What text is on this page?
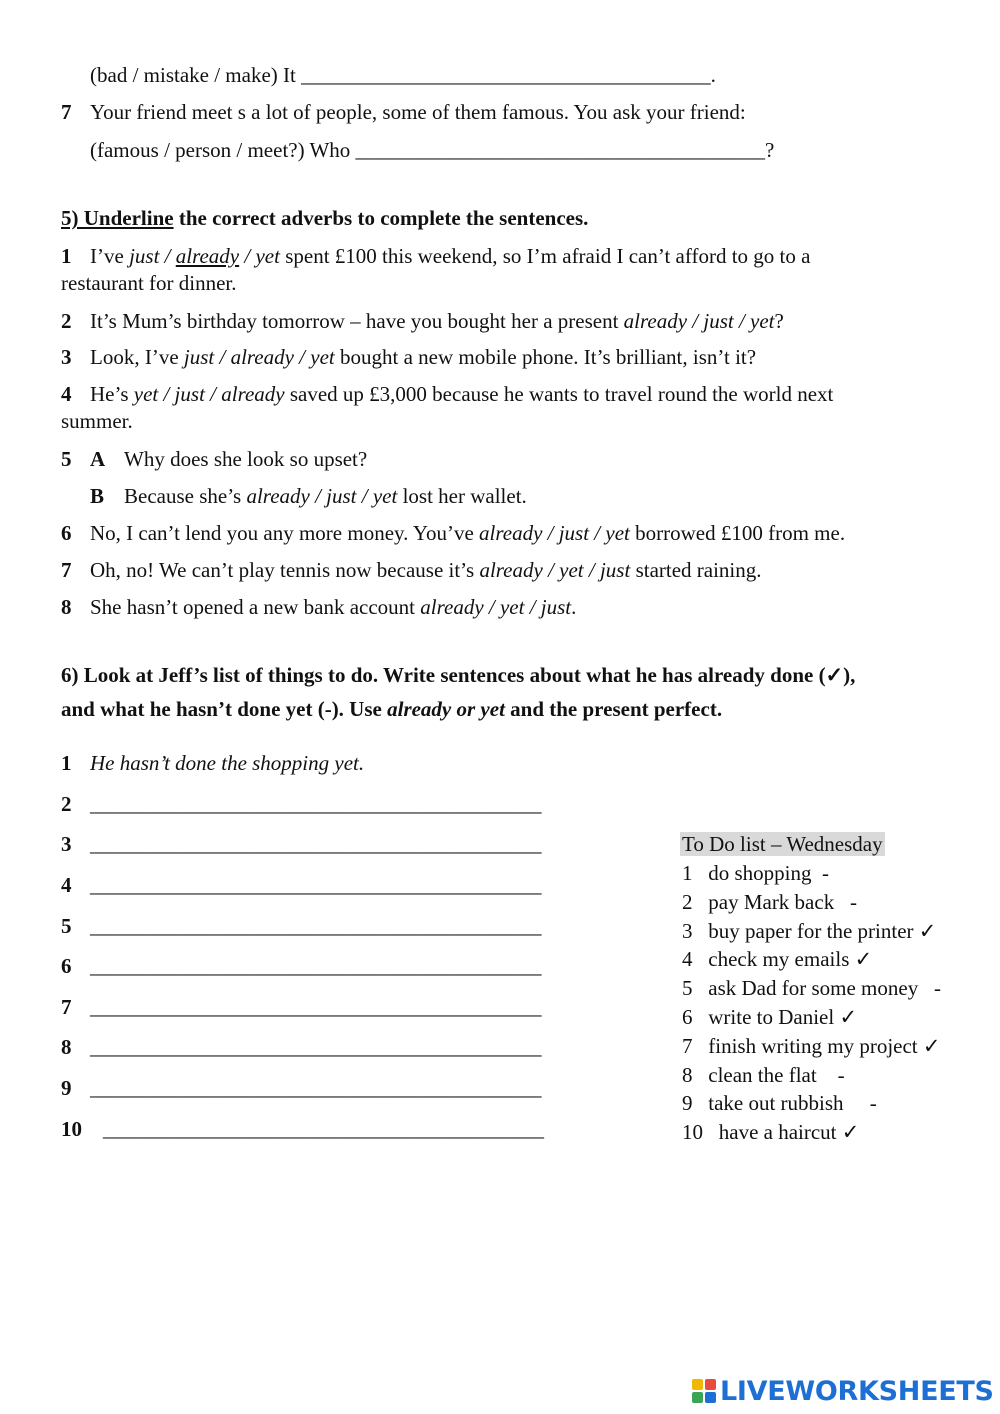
(bad / mistake / make) It _______________________________________.
7 Your friend meet s a lot of people, some of them famous. You ask your friend:
(famous / person / meet?) Who _______________________________________?
5) Underline the correct adverbs to complete the sentences.
1 I’ve just / already / yet spent £100 this weekend, so I’m afraid I can’t afford to go to a
restaurant for dinner.
2 It’s Mum’s birthday tomorrow – have you bought her a present already / just / yet?
3 Look, I’ve just / already / yet bought a new mobile phone. It’s brilliant, isn’t it?
4 He’s yet / just / already saved up £3,000 because he wants to travel round the world next
summer.
5 A Why does she look so upset?
B Because she’s already / just / yet lost her wallet.
6 No, I can’t lend you any more money. You’ve already / just / yet borrowed £100 from me.
7 Oh, no! We can’t play tennis now because it’s already / yet / just started raining.
8 She hasn’t opened a new bank account already / yet / just.
6) Look at Jeff’s list of things to do. Write sentences about what he has already done (✓),
and what he hasn’t done yet (-). Use already or yet and the present perfect.
1 He hasn’t done the shopping yet.
2 ___________________________________________
3 ___________________________________________
4 ___________________________________________
5 ___________________________________________
6 ___________________________________________
7 ___________________________________________
8 ___________________________________________
9 ___________________________________________
10 __________________________________________
To Do list – Wednesday
1   do shopping  -
2   pay Mark back   -
3   buy paper for the printer ✓
4   check my emails ✓
5   ask Dad for some money   -
6   write to Daniel ✓
7   finish writing my project ✓
8   clean the flat    -
9   take out rubbish     -
10   have a haircut ✓
LIVEWORKSHEETS
